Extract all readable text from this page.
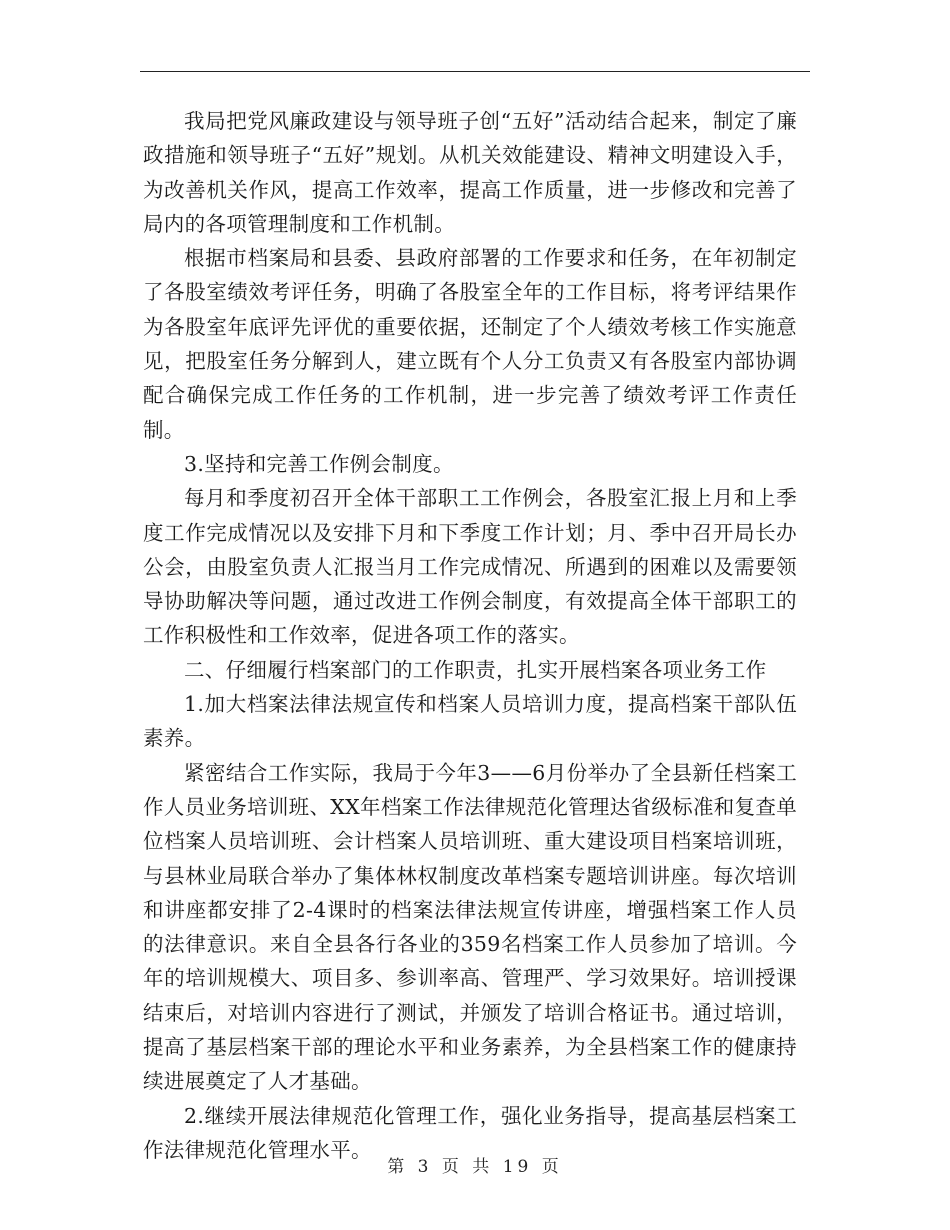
我局把党风廉政建设与领导班子创“五好”活动结合起来，制定了廉政措施和领导班子“五好”规划。从机关效能建设、精神文明建设入手，为改善机关作风，提高工作效率，提高工作质量，进一步修改和完善了局内的各项管理制度和工作机制。

根据市档案局和县委、县政府部署的工作要求和任务，在年初制定了各股室绩效考评任务，明确了各股室全年的工作目标，将考评结果作为各股室年底评先评优的重要依据，还制定了个人绩效考核工作实施意见，把股室任务分解到人，建立既有个人分工负责又有各股室内部协调配合确保完成工作任务的工作机制，进一步完善了绩效考评工作责任制。

3.坚持和完善工作例会制度。

每月和季度初召开全体干部职工工作例会，各股室汇报上月和上季度工作完成情况以及安排下月和下季度工作计划；月、季中召开局长办公会，由股室负责人汇报当月工作完成情况、所遇到的困难以及需要领导协助解决等问题，通过改进工作例会制度，有效提高全体干部职工的工作积极性和工作效率，促进各项工作的落实。

二、仔细履行档案部门的工作职责，扎实开展档案各项业务工作

1.加大档案法律法规宣传和档案人员培训力度，提高档案干部队伍素养。

紧密结合工作实际，我局于今年3——6月份举办了全县新任档案工作人员业务培训班、XX年档案工作法律规范化管理达省级标准和复查单位档案人员培训班、会计档案人员培训班、重大建设项目档案培训班，与县林业局联合举办了集体林权制度改革档案专题培训讲座。每次培训和讲座都安排了2-4课时的档案法律法规宣传讲座，增强档案工作人员的法律意识。来自全县各行各业的359名档案工作人员参加了培训。今年的培训规模大、项目多、参训率高、管理严、学习效果好。培训授课结束后，对培训内容进行了测试，并颁发了培训合格证书。通过培训，提高了基层档案干部的理论水平和业务素养，为全县档案工作的健康持续进展奠定了人才基础。

2.继续开展法律规范化管理工作，强化业务指导，提高基层档案工作法律规范化管理水平。

第 3 页 共 19 页
